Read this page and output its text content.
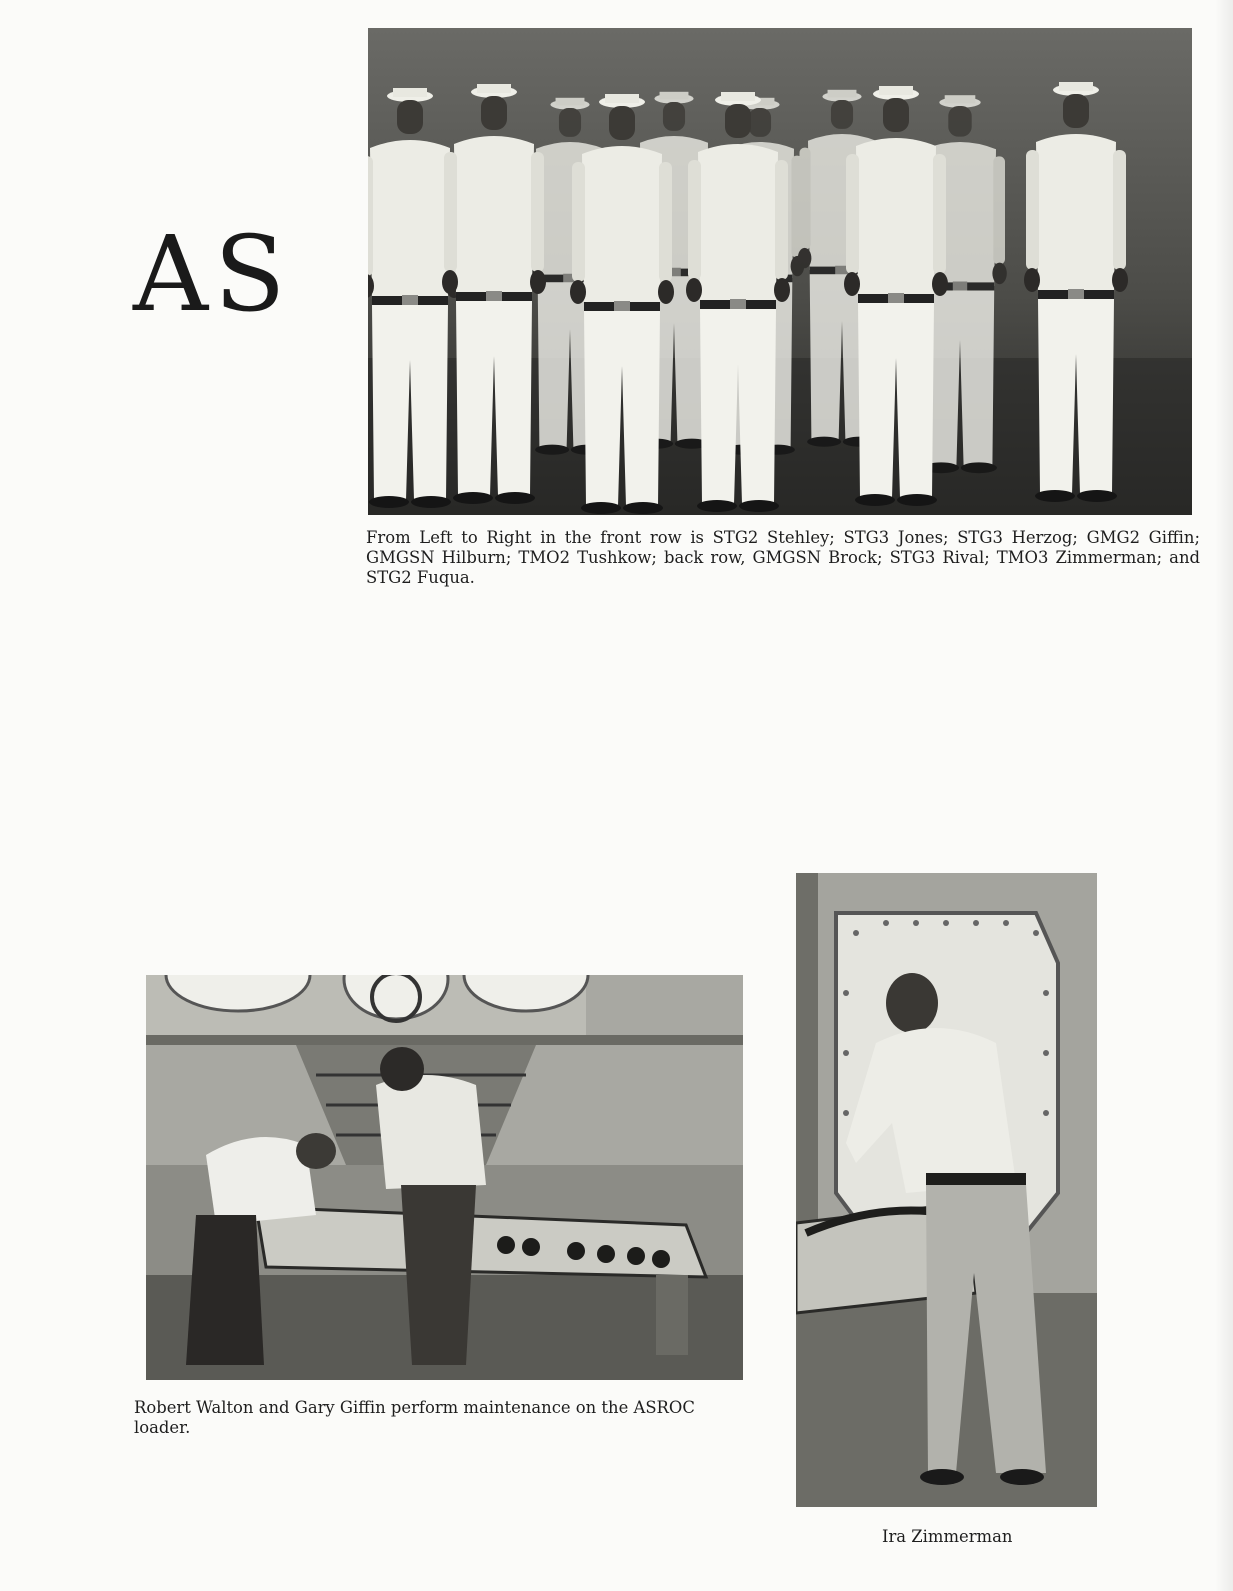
AS

From Left to Right in the front row is STG2 Stehley; STG3 Jones; STG3 Herzog; GMG2 Giffin; GMGSN Hilburn; TMO2 Tushkow; back row, GMGSN Brock; STG3 Rival; TMO3 Zimmerman; and STG2 Fuqua.

Robert Walton and Gary Giffin perform maintenance on the ASROC loader.

Ira Zimmerman
